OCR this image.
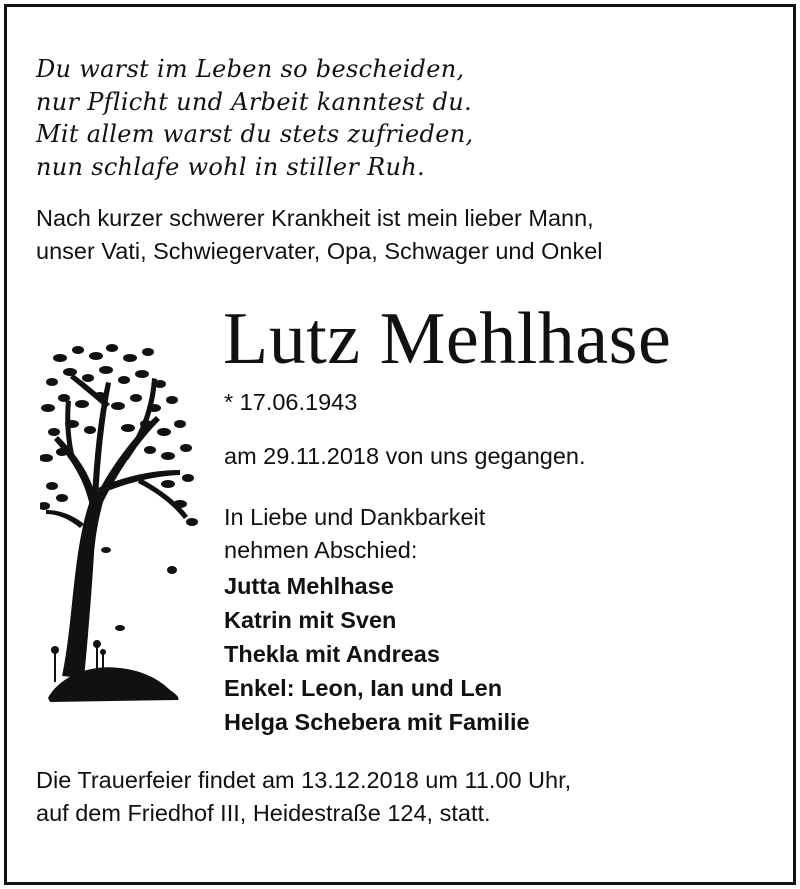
Du warst im Leben so bescheiden,
nur Pflicht und Arbeit kanntest du.
Mit allem warst du stets zufrieden,
nun schlafe wohl in stiller Ruh.
Nach kurzer schwerer Krankheit ist mein lieber Mann,
unser Vati, Schwiegervater, Opa, Schwager und Onkel
Lutz Mehlhase
* 17.06.1943
am 29.11.2018 von uns gegangen.
In Liebe und Dankbarkeit
nehmen Abschied:
Jutta Mehlhase
Katrin mit Sven
Thekla mit Andreas
Enkel: Leon, Ian und Len
Helga Schebera mit Familie
Die Trauerfeier findet am 13.12.2018 um 11.00 Uhr,
auf dem Friedhof III, Heidestraße 124, statt.
